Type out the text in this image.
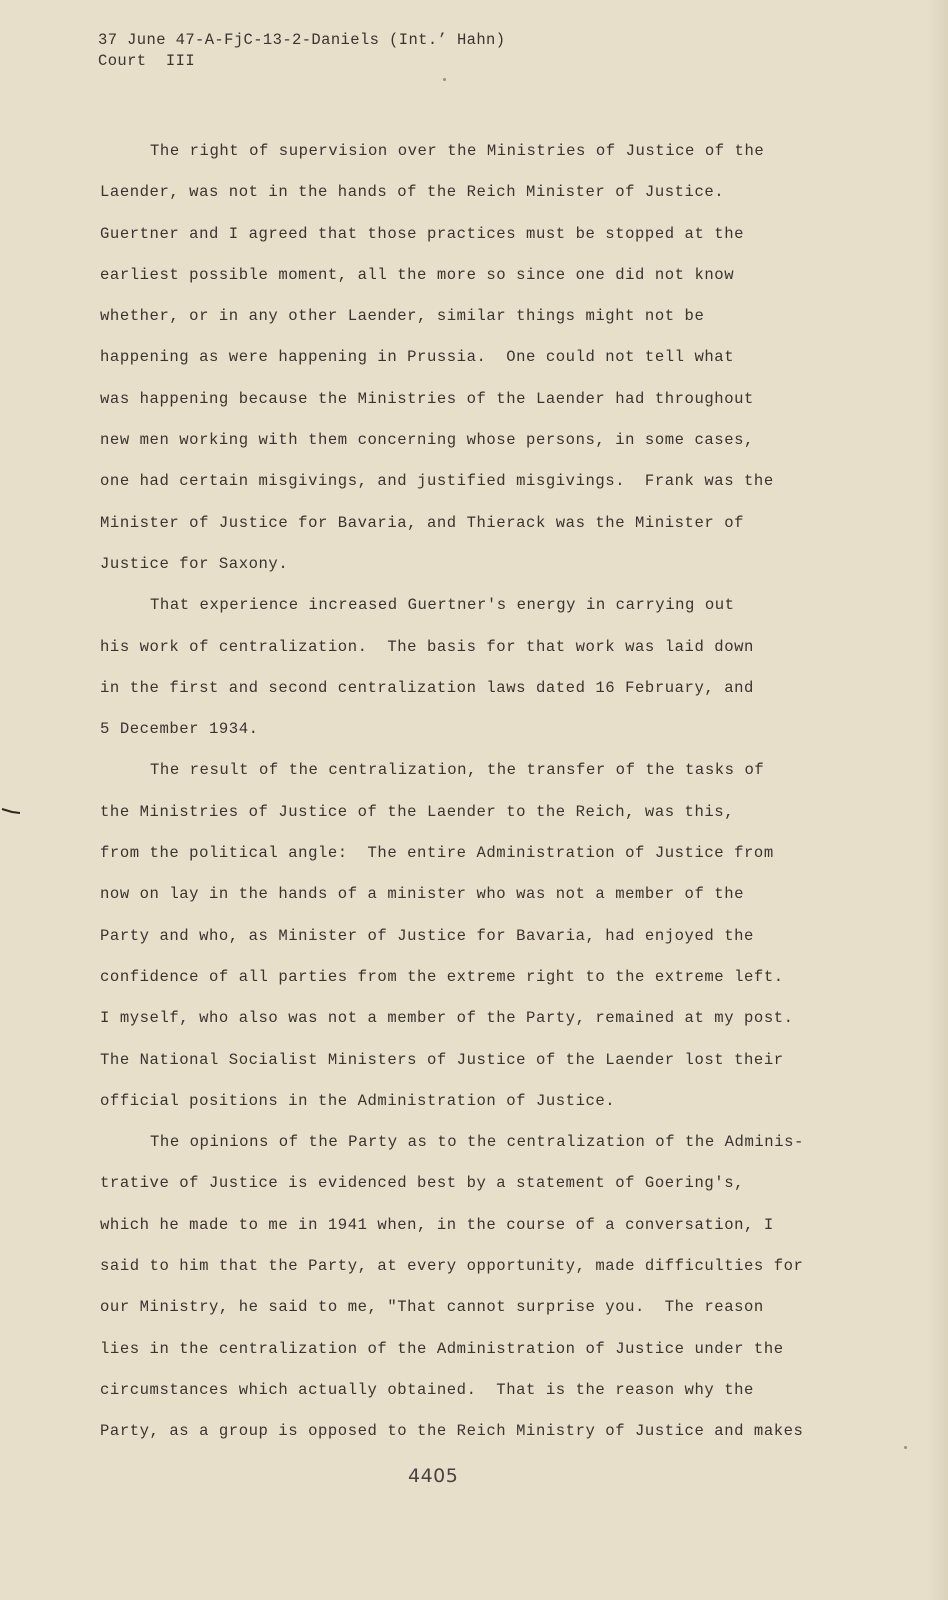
37 June 47-A-FjC-13-2-Daniels (Int.’ Hahn)
Court  III
The right of supervision over the Ministries of Justice of the
Laender, was not in the hands of the Reich Minister of Justice.
Guertner and I agreed that those practices must be stopped at the
earliest possible moment, all the more so since one did not know
whether, or in any other Laender, similar things might not be
happening as were happening in Prussia.  One could not tell what
was happening because the Ministries of the Laender had throughout
new men working with them concerning whose persons, in some cases,
one had certain misgivings, and justified misgivings.  Frank was the
Minister of Justice for Bavaria, and Thierack was the Minister of
Justice for Saxony.
That experience increased Guertner's energy in carrying out
his work of centralization.  The basis for that work was laid down
in the first and second centralization laws dated 16 February, and
5 December 1934.
The result of the centralization, the transfer of the tasks of
the Ministries of Justice of the Laender to the Reich, was this,
from the political angle:  The entire Administration of Justice from
now on lay in the hands of a minister who was not a member of the
Party and who, as Minister of Justice for Bavaria, had enjoyed the
confidence of all parties from the extreme right to the extreme left.
I myself, who also was not a member of the Party, remained at my post.
The National Socialist Ministers of Justice of the Laender lost their
official positions in the Administration of Justice.
The opinions of the Party as to the centralization of the Adminis-
trative of Justice is evidenced best by a statement of Goering's,
which he made to me in 1941 when, in the course of a conversation, I
said to him that the Party, at every opportunity, made difficulties for
our Ministry, he said to me, "That cannot surprise you.  The reason
lies in the centralization of the Administration of Justice under the
circumstances which actually obtained.  That is the reason why the
Party, as a group is opposed to the Reich Ministry of Justice and makes
4405
